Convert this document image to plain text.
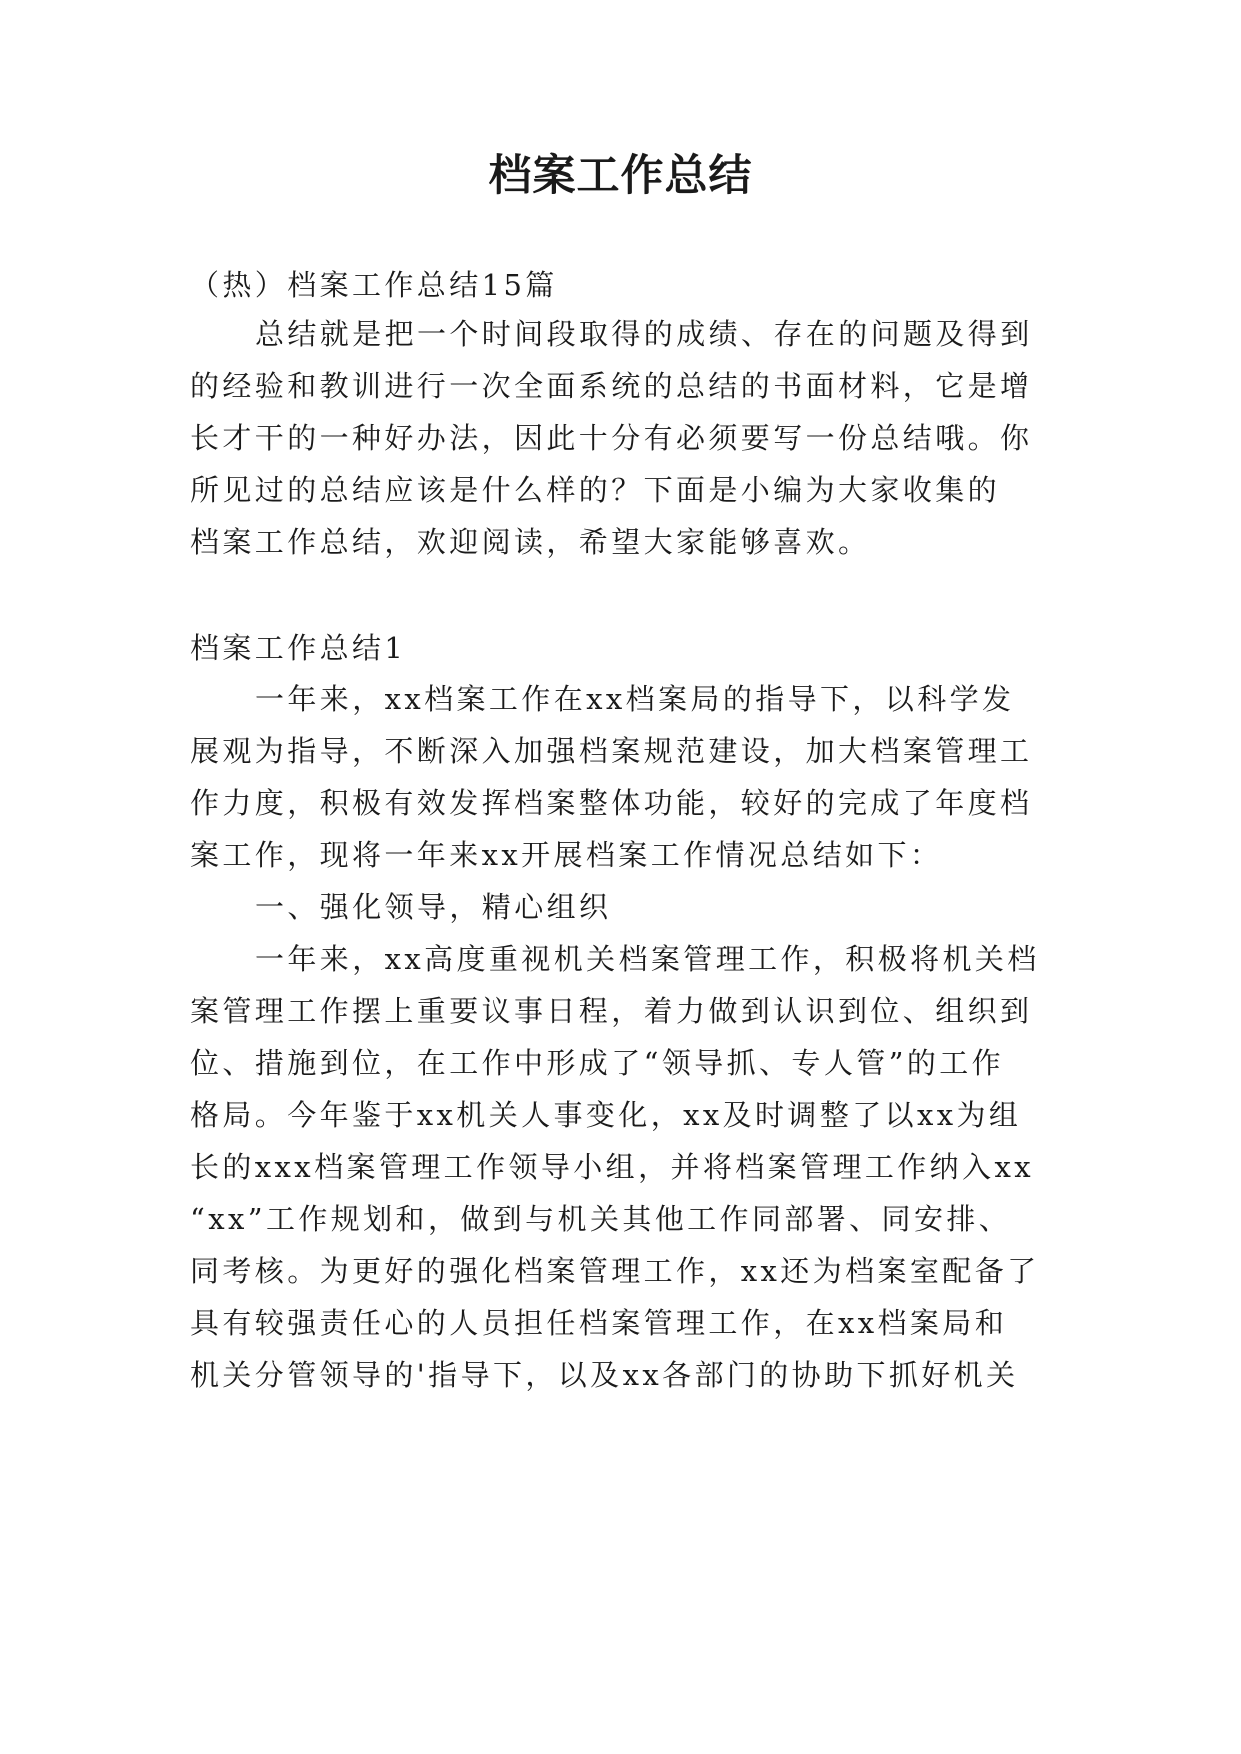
档案工作总结
（热）档案工作总结15篇
总结就是把一个时间段取得的成绩、存在的问题及得到
的经验和教训进行一次全面系统的总结的书面材料，它是增
长才干的一种好办法，因此十分有必须要写一份总结哦。你
所见过的总结应该是什么样的？下面是小编为大家收集的
档案工作总结，欢迎阅读，希望大家能够喜欢。
档案工作总结1
一年来，xx档案工作在xx档案局的指导下，以科学发
展观为指导，不断深入加强档案规范建设，加大档案管理工
作力度，积极有效发挥档案整体功能，较好的完成了年度档
案工作，现将一年来xx开展档案工作情况总结如下：
一、强化领导，精心组织
一年来，xx高度重视机关档案管理工作，积极将机关档
案管理工作摆上重要议事日程，着力做到认识到位、组织到
位、措施到位，在工作中形成了“领导抓、专人管”的工作
格局。今年鉴于xx机关人事变化，xx及时调整了以xx为组
长的xxx档案管理工作领导小组，并将档案管理工作纳入xx
“xx”工作规划和，做到与机关其他工作同部署、同安排、
同考核。为更好的强化档案管理工作，xx还为档案室配备了
具有较强责任心的人员担任档案管理工作，在xx档案局和
机关分管领导的'指导下，以及xx各部门的协助下抓好机关
